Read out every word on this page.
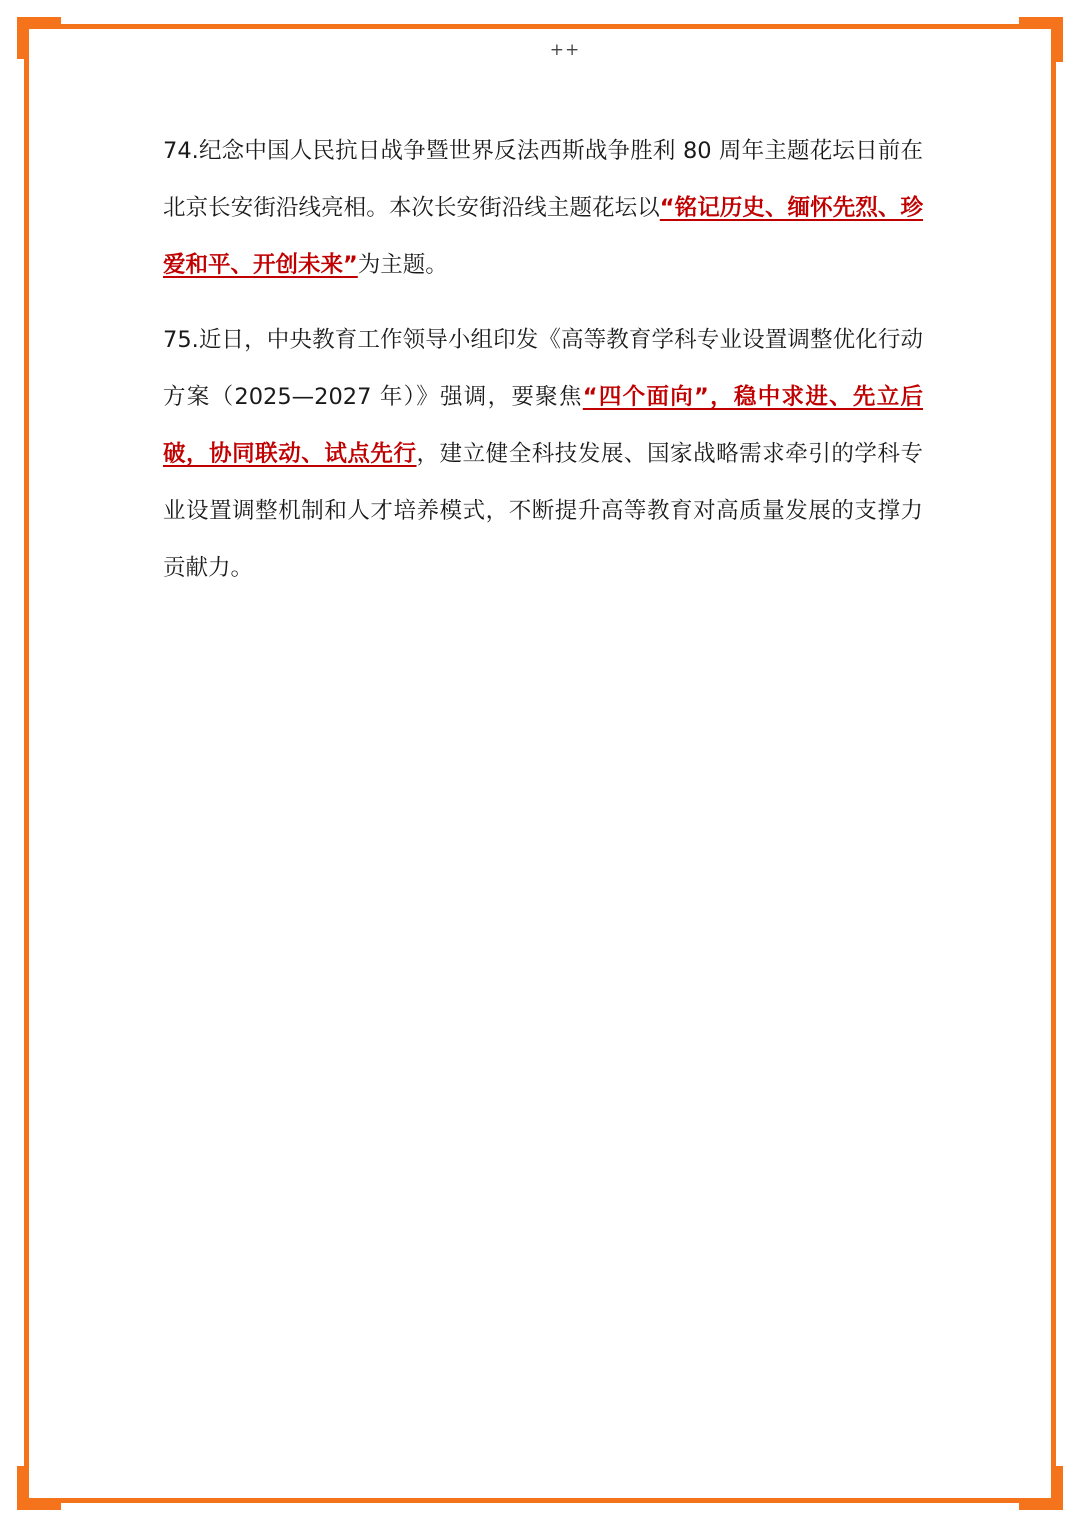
++

74.纪念中国人民抗日战争暨世界反法西斯战争胜利 80 周年主题花坛日前在北京长安街沿线亮相。本次长安街沿线主题花坛以“铭记历史、缅怀先烈、珍爱和平、开创未来”为主题。

75.近日，中央教育工作领导小组印发《高等教育学科专业设置调整优化行动方案（2025—2027 年）》强调，要聚焦“四个面向”，稳中求进、先立后破，协同联动、试点先行，建立健全科技发展、国家战略需求牵引的学科专业设置调整机制和人才培养模式，不断提升高等教育对高质量发展的支撑力贡献力。
